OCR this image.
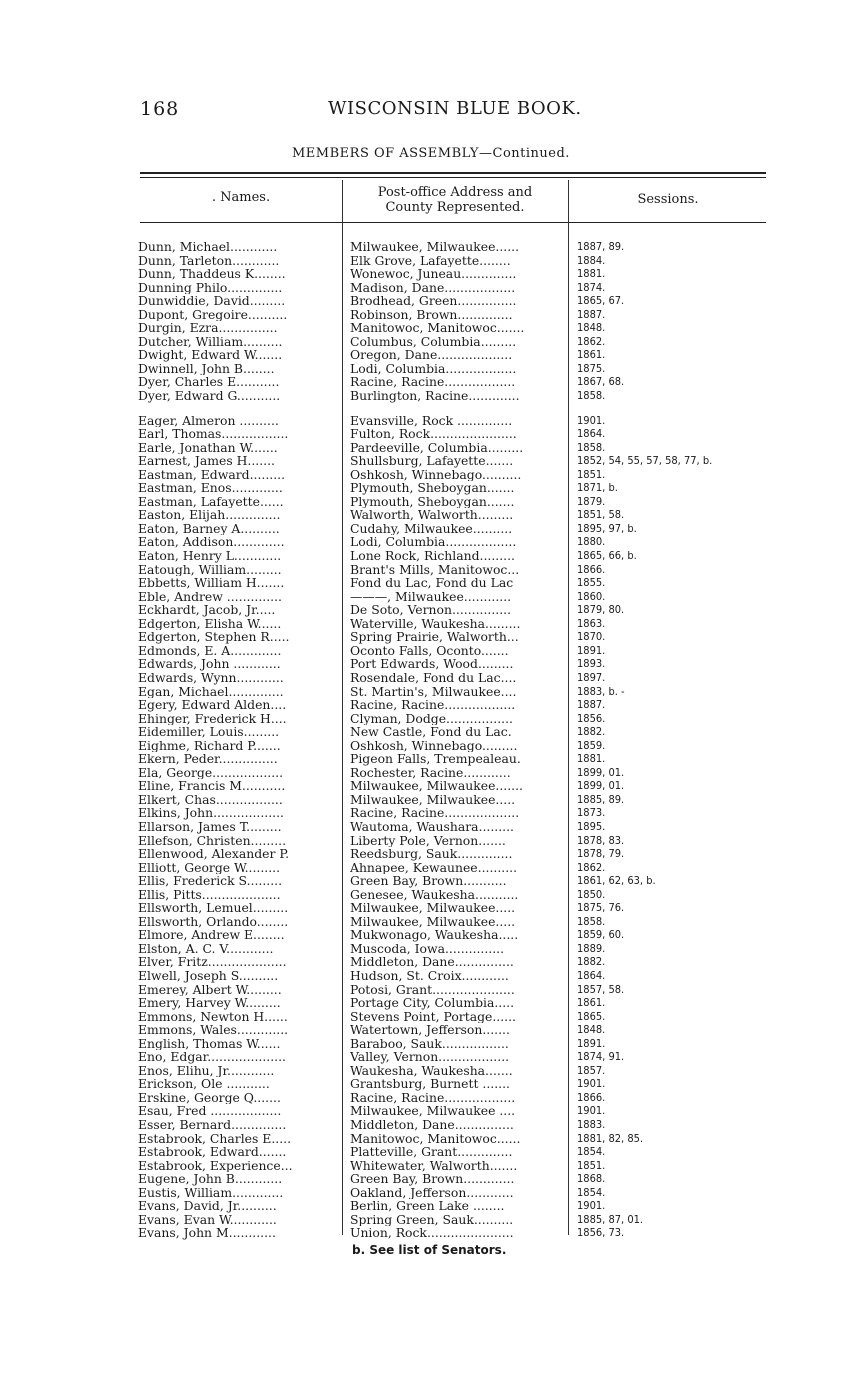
168	WISCONSIN BLUE BOOK.
MEMBERS OF ASSEMBLY—Continued.
. Names.	Post-office Address and
County Represented.
Sessions.
Dunn, Michael............	Milwaukee, Milwaukee......	1887, 89.
Dunn, Tarleton............	Elk Grove, Lafayette........	1884.
Dunn, Thaddeus K........	Wonewoc, Juneau..............	1881.
Dunning Philo..............	Madison, Dane..................	1874.
Dunwiddie, David.........	Brodhead, Green...............	1865, 67.
Dupont, Gregoire..........	Robinson, Brown..............	1887.
Durgin, Ezra...............	Manitowoc, Manitowoc.......	1848.
Dutcher, William..........	Columbus, Columbia.........	1862.
Dwight, Edward W.......	Oregon, Dane...................	1861.
Dwinnell, John B........	Lodi, Columbia..................	1875.
Dyer, Charles E...........	Racine, Racine..................	1867, 68.
Dyer, Edward G...........	Burlington, Racine.............	1858.
Eager, Almeron ..........	Evansville, Rock ..............	1901.
Earl, Thomas.................	Fulton, Rock......................	1864.
Earle, Jonathan W.......	Pardeeville, Columbia.........	1858.
Earnest, James H.......	Shullsburg, Lafayette.......	1852, 54, 55, 57, 58, 77, b.
Eastman, Edward.........	Oshkosh, Winnebago..........	1851.
Eastman, Enos.............	Plymouth, Sheboygan.......	1871, b.
Eastman, Lafayette......	Plymouth, Sheboygan.......	1879.
Easton, Elijah..............	Walworth, Walworth.........	1851, 58.
Eaton, Barney A..........	Cudahy, Milwaukee..........	1895, 97, b.
Eaton, Addison.............	Lodi, Columbia..................	1880.
Eaton, Henry L............	Lone Rock, Richland.........	1865, 66, b.
Eatough, William.........	Brant's Mills, Manitowoc...	1866.
Ebbetts, William H.......	Fond du Lac, Fond du Lac	1855.
Eble, Andrew ..............	———, Milwaukee............	1860.
Eckhardt, Jacob, Jr.....	De Soto, Vernon...............	1879, 80.
Edgerton, Elisha W......	Waterville, Waukesha.........	1863.
Edgerton, Stephen R.....	Spring Prairie, Walworth...	1870.
Edmonds, E. A.............	Oconto Falls, Oconto.......	1891.
Edwards, John ............	Port Edwards, Wood.........	1893.
Edwards, Wynn............	Rosendale, Fond du Lac....	1897.
Egan, Michael..............	St. Martin's, Milwaukee....	1883, b. -
Egery, Edward Alden....	Racine, Racine..................	1887.
Ehinger, Frederick H....	Clyman, Dodge.................	1856.
Eidemiller, Louis.........	New Castle, Fond du Lac.	1882.
Eighme, Richard P.......	Oshkosh, Winnebago.........	1859.
Ekern, Peder...............	Pigeon Falls, Trempealeau.	1881.
Ela, George..................	Rochester, Racine............	1899, 01.
Eline, Francis M...........	Milwaukee, Milwaukee.......	1899, 01.
Elkert, Chas.................	Milwaukee, Milwaukee.....	1885, 89.
Elkins, John..................	Racine, Racine...................	1873.
Ellarson, James T.........	Wautoma, Waushara.........	1895.
Ellefson, Christen.........	Liberty Pole, Vernon.......	1878, 83.
Ellenwood, Alexander P.	Reedsburg, Sauk..............	1878, 79.
Elliott, George W.........	Ahnapee, Kewaunee..........	1862.
Ellis, Frederick S.........	Green Bay, Brown...........	1861, 62, 63, b.
Ellis, Pitts....................	Genesee, Waukesha...........	1850.
Ellsworth, Lemuel.........	Milwaukee, Milwaukee.....	1875, 76.
Ellsworth, Orlando........	Milwaukee, Milwaukee.....	1858.
Elmore, Andrew E........	Mukwonago, Waukesha.....	1859, 60.
Elston, A. C. V............	Muscoda, Iowa...............	1889.
Elver, Fritz....................	Middleton, Dane...............	1882.
Elwell, Joseph S..........	Hudson, St. Croix............	1864.
Emerey, Albert W.........	Potosi, Grant.....................	1857, 58.
Emery, Harvey W.........	Portage City, Columbia.....	1861.
Emmons, Newton H......	Stevens Point, Portage......	1865.
Emmons, Wales.............	Watertown, Jefferson.......	1848.
English, Thomas W......	Baraboo, Sauk.................	1891.
Eno, Edgar....................	Valley, Vernon..................	1874, 91.
Enos, Elihu, Jr............	Waukesha, Waukesha.......	1857.
Erickson, Ole ...........	Grantsburg, Burnett .......	1901.
Erskine, George Q.......	Racine, Racine..................	1866.
Esau, Fred ..................	Milwaukee, Milwaukee ....	1901.
Esser, Bernard..............	Middleton, Dane...............	1883.
Estabrook, Charles E.....	Manitowoc, Manitowoc......	1881, 82, 85.
Estabrook, Edward.......	Platteville, Grant..............	1854.
Estabrook, Experience...	Whitewater, Walworth.......	1851.
Eugene, John B............	Green Bay, Brown.............	1868.
Eustis, William.............	Oakland, Jefferson............	1854.
Evans, David, Jr..........	Berlin, Green Lake ........	1901.
Evans, Evan W............	Spring Green, Sauk..........	1885, 87, 01.
Evans, John M............	Union, Rock......................	1856, 73.
b. See list of Senators.
